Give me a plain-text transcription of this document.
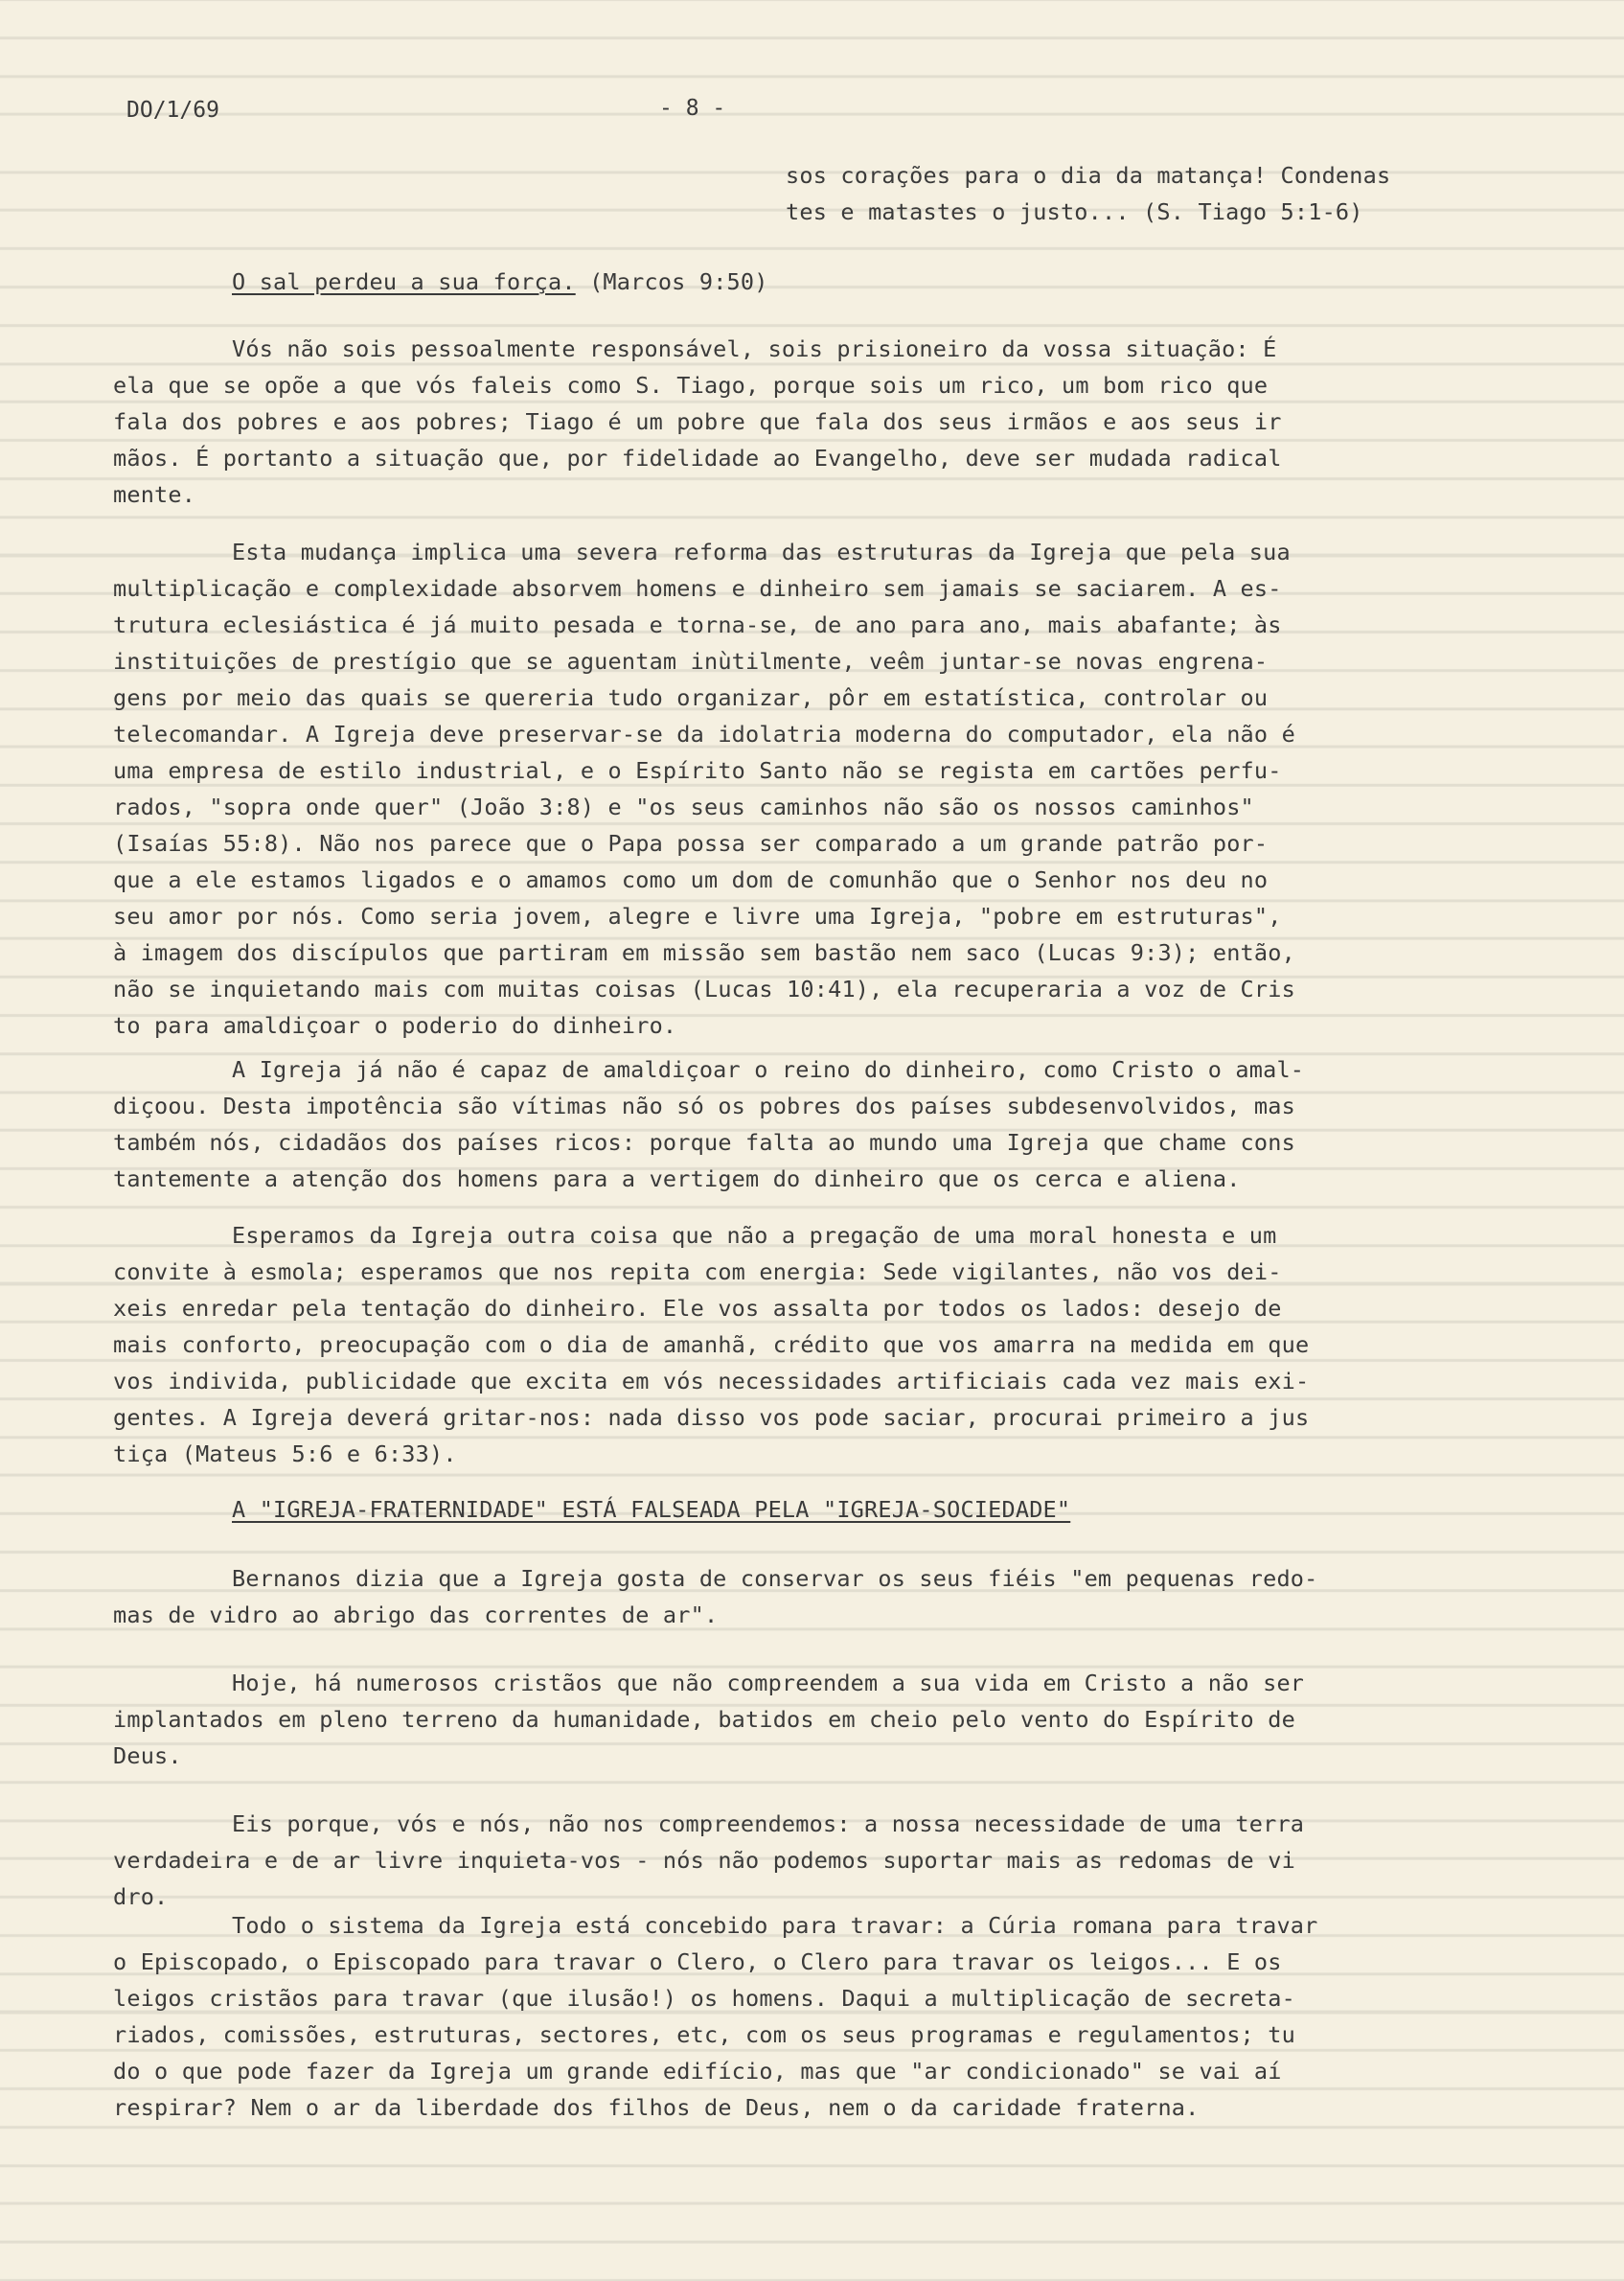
DO/1/69	- 8 -
sos corações para o dia da matança! Condenas
tes e matastes o justo... (S. Tiago 5:1-6)
O sal perdeu a sua força. (Marcos 9:50)
Vós não sois pessoalmente responsável, sois prisioneiro da vossa situação: É
ela que se opõe a que vós faleis como S. Tiago, porque sois um rico, um bom rico que
fala dos pobres e aos pobres; Tiago é um pobre que fala dos seus irmãos e aos seus ir
mãos. É portanto a situação que, por fidelidade ao Evangelho, deve ser mudada radical
mente.
Esta mudança implica uma severa reforma das estruturas da Igreja que pela sua
multiplicação e complexidade absorvem homens e dinheiro sem jamais se saciarem. A es-
trutura eclesiástica é já muito pesada e torna-se, de ano para ano, mais abafante; às
instituições de prestígio que se aguentam inùtilmente, veêm juntar-se novas engrena-
gens por meio das quais se quereria tudo organizar, pôr em estatística, controlar ou
telecomandar. A Igreja deve preservar-se da idolatria moderna do computador, ela não é
uma empresa de estilo industrial, e o Espírito Santo não se regista em cartões perfu-
rados, "sopra onde quer" (João 3:8) e "os seus caminhos não são os nossos caminhos"
(Isaías 55:8). Não nos parece que o Papa possa ser comparado a um grande patrão por-
que a ele estamos ligados e o amamos como um dom de comunhão que o Senhor nos deu no
seu amor por nós. Como seria jovem, alegre e livre uma Igreja, "pobre em estruturas",
à imagem dos discípulos que partiram em missão sem bastão nem saco (Lucas 9:3); então,
não se inquietando mais com muitas coisas (Lucas 10:41), ela recuperaria a voz de Cris
to para amaldiçoar o poderio do dinheiro.
A Igreja já não é capaz de amaldiçoar o reino do dinheiro, como Cristo o amal-
diçoou. Desta impotência são vítimas não só os pobres dos países subdesenvolvidos, mas
também nós, cidadãos dos países ricos: porque falta ao mundo uma Igreja que chame cons
tantemente a atenção dos homens para a vertigem do dinheiro que os cerca e aliena.
Esperamos da Igreja outra coisa que não a pregação de uma moral honesta e um
convite à esmola; esperamos que nos repita com energia: Sede vigilantes, não vos dei-
xeis enredar pela tentação do dinheiro. Ele vos assalta por todos os lados: desejo de
mais conforto, preocupação com o dia de amanhã, crédito que vos amarra na medida em que
vos individa, publicidade que excita em vós necessidades artificiais cada vez mais exi-
gentes. A Igreja deverá gritar-nos: nada disso vos pode saciar, procurai primeiro a jus
tiça (Mateus 5:6 e 6:33).
A "IGREJA-FRATERNIDADE" ESTÁ FALSEADA PELA "IGREJA-SOCIEDADE"
Bernanos dizia que a Igreja gosta de conservar os seus fiéis "em pequenas redo-
mas de vidro ao abrigo das correntes de ar".
Hoje, há numerosos cristãos que não compreendem a sua vida em Cristo a não ser
implantados em pleno terreno da humanidade, batidos em cheio pelo vento do Espírito de
Deus.
Eis porque, vós e nós, não nos compreendemos: a nossa necessidade de uma terra
verdadeira e de ar livre inquieta-vos - nós não podemos suportar mais as redomas de vi
dro.
Todo o sistema da Igreja está concebido para travar: a Cúria romana para travar
o Episcopado, o Episcopado para travar o Clero, o Clero para travar os leigos... E os
leigos cristãos para travar (que ilusão!) os homens. Daqui a multiplicação de secreta-
riados, comissões, estruturas, sectores, etc, com os seus programas e regulamentos; tu
do o que pode fazer da Igreja um grande edifício, mas que "ar condicionado" se vai aí
respirar? Nem o ar da liberdade dos filhos de Deus, nem o da caridade fraterna.
